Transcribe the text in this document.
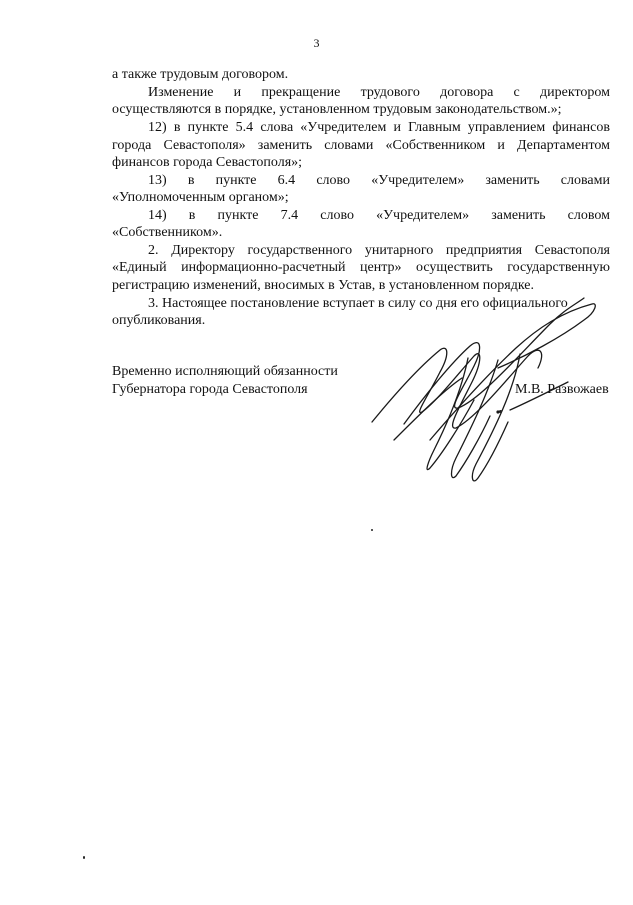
3
а также трудовым договором.
Изменение и прекращение трудового договора с директором
осуществляются в порядке, установленном трудовым законодательством.»;
12) в пункте 5.4 слова «Учредителем и Главным управлением финансов
города Севастополя» заменить словами «Собственником и Департаментом
финансов города Севастополя»;
13) в пункте 6.4 слово «Учредителем» заменить словами
«Уполномоченным органом»;
14) в пункте 7.4 слово «Учредителем» заменить словом
«Собственником».
2. Директору государственного унитарного предприятия Севастополя
«Единый информационно-расчетный центр» осуществить государственную
регистрацию изменений, вносимых в Устав, в установленном порядке.
3. Настоящее постановление вступает в силу со дня его официального
опубликования.
Временно исполняющий обязанности
Губернатора города Севастополя	М.В. Развожаев
